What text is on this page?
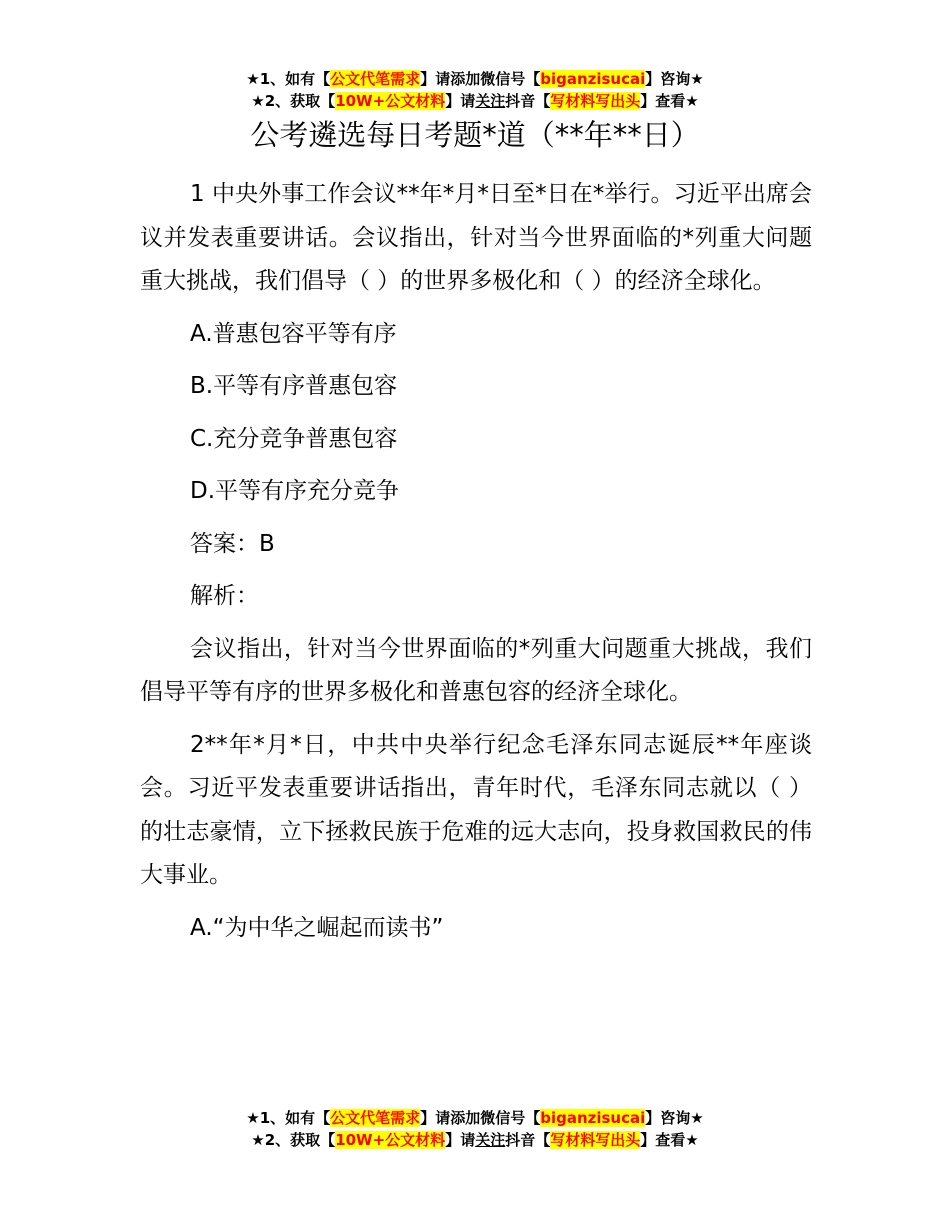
★1、如有【公文代笔需求】请添加微信号【biganzisucai】咨询★
★2、获取【10W+公文材料】请关注抖音【写材料写出头】查看★
公考遴选每日考题*道（**年**日）

1 中央外事工作会议**年*月*日至*日在*举行。习近平出席会议并发表重要讲话。会议指出，针对当今世界面临的*列重大问题重大挑战，我们倡导（ ）的世界多极化和（ ）的经济全球化。

A.普惠包容平等有序

B.平等有序普惠包容

C.充分竞争普惠包容

D.平等有序充分竞争

答案：B

解析：

会议指出，针对当今世界面临的*列重大问题重大挑战，我们倡导平等有序的世界多极化和普惠包容的经济全球化。

2**年*月*日，中共中央举行纪念毛泽东同志诞辰**年座谈会。习近平发表重要讲话指出，青年时代，毛泽东同志就以（ ）的壮志豪情，立下拯救民族于危难的远大志向，投身救国救民的伟大事业。

A.“为中华之崛起而读书”

★1、如有【公文代笔需求】请添加微信号【biganzisucai】咨询★
★2、获取【10W+公文材料】请关注抖音【写材料写出头】查看★
